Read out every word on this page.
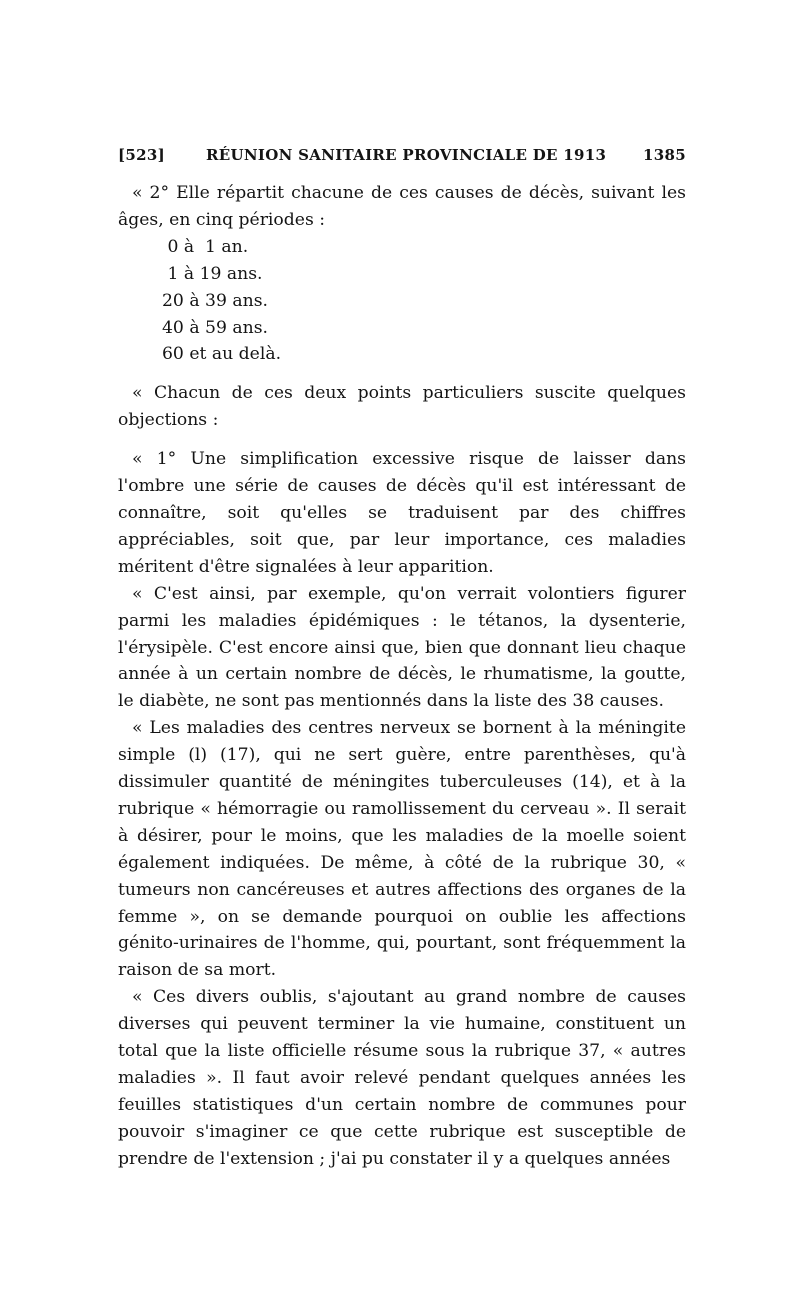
[523]	RÉUNION SANITAIRE PROVINCIALE DE 1913 1385

« 2° Elle répartit chacune de ces causes de décès, suivant les âges, en cinq périodes :

0 à  1 an.
1 à 19 ans.
20 à 39 ans.
40 à 59 ans.
60 et au delà.

« Chacun de ces deux points particuliers suscite quelques objections :

« 1° Une simplification excessive risque de laisser dans l'ombre une série de causes de décès qu'il est intéressant de connaître, soit qu'elles se traduisent par des chiffres appréciables, soit que, par leur importance, ces maladies méritent d'être signalées à leur apparition.

« C'est ainsi, par exemple, qu'on verrait volontiers figurer parmi les maladies épidémiques : le tétanos, la dysenterie, l'érysipèle. C'est encore ainsi que, bien que donnant lieu chaque année à un certain nombre de décès, le rhumatisme, la goutte, le diabète, ne sont pas mentionnés dans la liste des 38 causes.

« Les maladies des centres nerveux se bornent à la méningite simple (l) (17), qui ne sert guère, entre parenthèses, qu'à dissimuler quantité de méningites tuberculeuses (14), et à la rubrique « hémorragie ou ramollissement du cerveau ». Il serait à désirer, pour le moins, que les maladies de la moelle soient également indiquées. De même, à côté de la rubrique 30, « tumeurs non cancéreuses et autres affections des organes de la femme », on se demande pourquoi on oublie les affections génito-urinaires de l'homme, qui, pourtant, sont fréquemment la raison de sa mort.

« Ces divers oublis, s'ajoutant au grand nombre de causes diverses qui peuvent terminer la vie humaine, constituent un total que la liste officielle résume sous la rubrique 37, « autres maladies ». Il faut avoir relevé pendant quelques années les feuilles statistiques d'un certain nombre de communes pour pouvoir s'imaginer ce que cette rubrique est susceptible de prendre de l'extension ; j'ai pu constater il y a quelques années
